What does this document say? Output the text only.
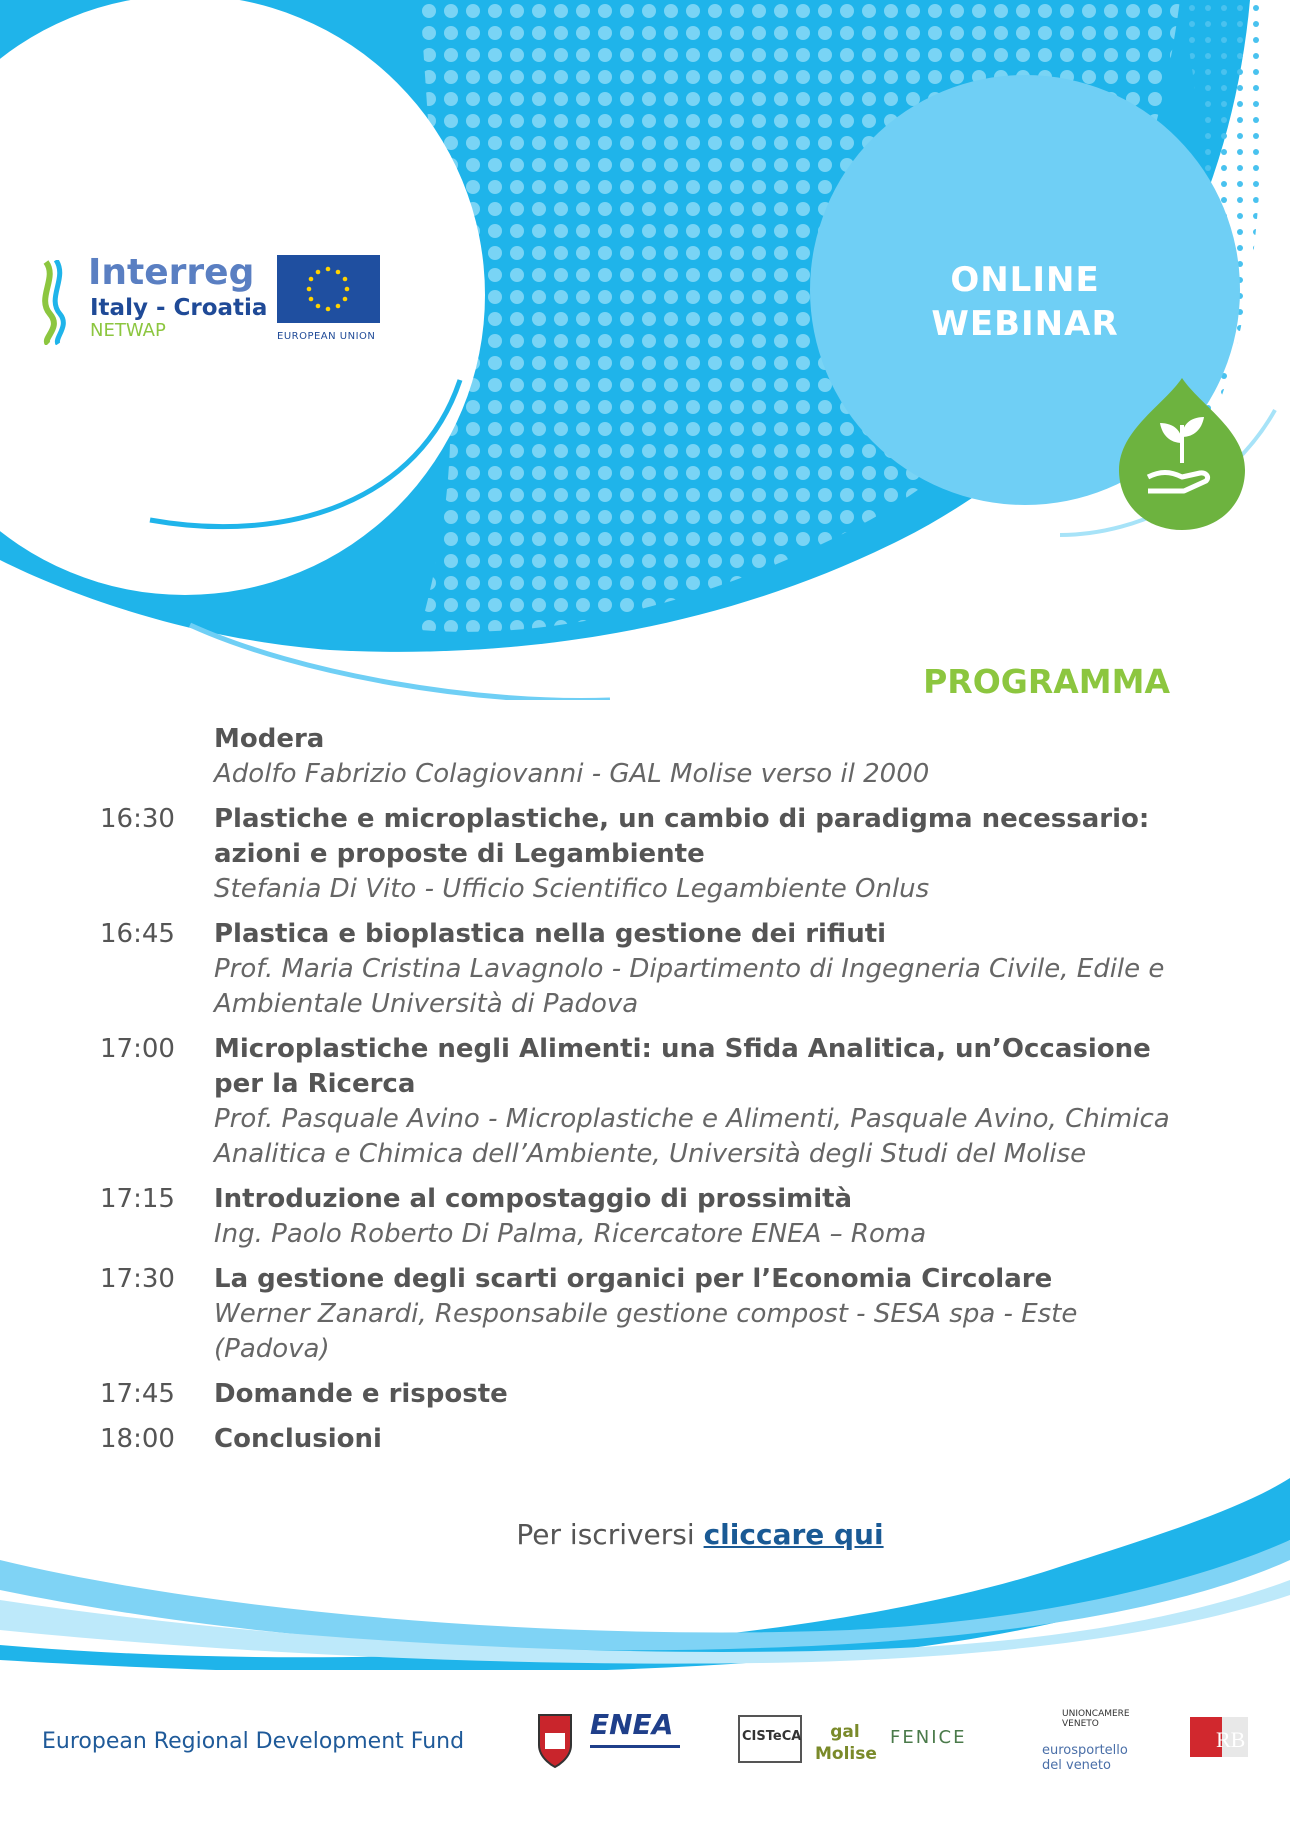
Interreg
Italy - Croatia
NETWAP	EUROPEAN UNION
ONLINE
WEBINAR
PROGRAMMA
Modera
Adolfo Fabrizio Colagiovanni - GAL Molise verso il 2000
16:30	Plastiche e microplastiche, un cambio di paradigma necessario: azioni e proposte di Legambiente
Stefania Di Vito - Ufficio Scientifico Legambiente Onlus
16:45	Plastica e bioplastica nella gestione dei rifiuti
Prof. Maria Cristina Lavagnolo - Dipartimento di Ingegneria Civile, Edile e Ambientale Università di Padova
17:00	Microplastiche negli Alimenti: una Sfida Analitica, un’Occasione per la Ricerca
Prof. Pasquale Avino - Microplastiche e Alimenti, Pasquale Avino, Chimica Analitica e Chimica dell’Ambiente, Università degli Studi del Molise
17:15	Introduzione al compostaggio di prossimità
Ing. Paolo Roberto Di Palma, Ricercatore ENEA – Roma
17:30	La gestione degli scarti organici per l’Economia Circolare
Werner Zanardi, Responsabile gestione compost - SESA spa - Este (Padova)
17:45	Domande e risposte
18:00	Conclusioni
Per iscriversi cliccare qui
European Regional Development Fund
ENEA	CISTeCA	gal Molise
FENICE
UNIONCAMERE VENETO
eurosportello del veneto
RB
